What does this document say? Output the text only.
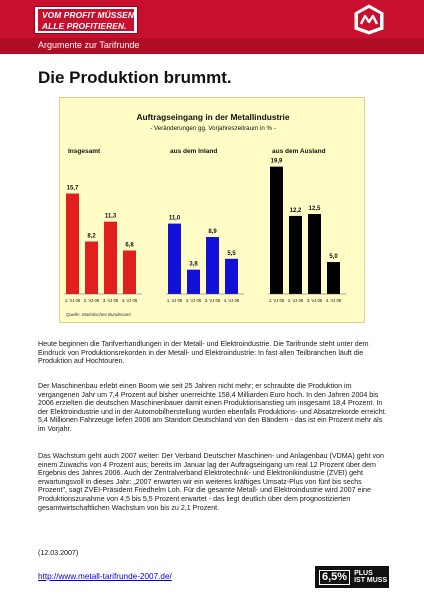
VOM PROFIT MÜSSEN
ALLE PROFITIEREN.
Argumente zur Tarifrunde
Die Produktion brummt.
Auftragseingang in der Metallindustrie
- Veränderungen gg. Vorjahreszeitraum in % -
Insgesamt	aus dem Inland	aus dem Ausland
15,7
1. VJ 06
8,2
2. VJ 06
11,3
3. VJ 06
6,8
4. VJ 06
11,0
1. VJ 06
3,8
2. VJ 06
8,9
3. VJ 06
5,5
4. VJ 06
19,9
1. VJ 06
12,2
2. VJ 06
12,5
3. VJ 06
5,0
4. VJ 06
Quelle: Statistisches Bundesamt
Heute beginnen die Tarifverhandlungen in der Metall- und Elektroindustrie. Die Tarifrunde steht unter dem Eindruck von Produktionsrekorden in der Metall- und Elektroindustrie: In fast allen Teilbranchen läuft die Produktion auf Hochtouren.
Der Maschinenbau erlebt einen Boom wie seit 25 Jahren nicht mehr; er schraubte die Produktion im vergangenen Jahr um 7,4 Prozent auf bisher unerreichte 158,4 Milliarden Euro hoch. In den Jahren 2004 bis 2006 erzielten die deutschen Maschinenbauer damit einen Produktionsanstieg um insgesamt 18,4 Prozent. In der Elektroindustrie und in der Automobilherstellung wurden ebenfalls Produktions- und Absatzrekorde erreicht. 5,4 Millionen Fahrzeuge liefen 2006 am Standort Deutschland von den Bändern - das ist ein Prozent mehr als im Vorjahr.
Das Wachstum geht auch 2007 weiter: Der Verband Deutscher Maschinen- und Anlagenbau (VDMA) geht von einem Zuwachs von 4 Prozent aus; bereits im Januar lag der Auftragseingang um real 12 Prozent über dem Ergebnis des Jahres 2006. Auch der Zentralverband Elektrotechnik- und Elektronikindustrie (ZVEI) geht erwartungsvoll in dieses Jahr: „2007 erwarten wir ein weiteres kräftiges Umsatz-Plus von fünf bis sechs Prozent", sagt ZVEI-Präsident Friedhelm Loh. Für die gesamte Metall- und Elektroindustrie wird 2007 eine Produktionszunahme von 4,5 bis 5,5 Prozent erwartet - das liegt deutlich über dem prognostizierten gesamtwirtschaftlichen Wachstum von bis zu 2,1 Prozent.
(12.03.2007)
http://www.metall-tarifrunde-2007.de/	6,5%	PLUS
IST MUSS
